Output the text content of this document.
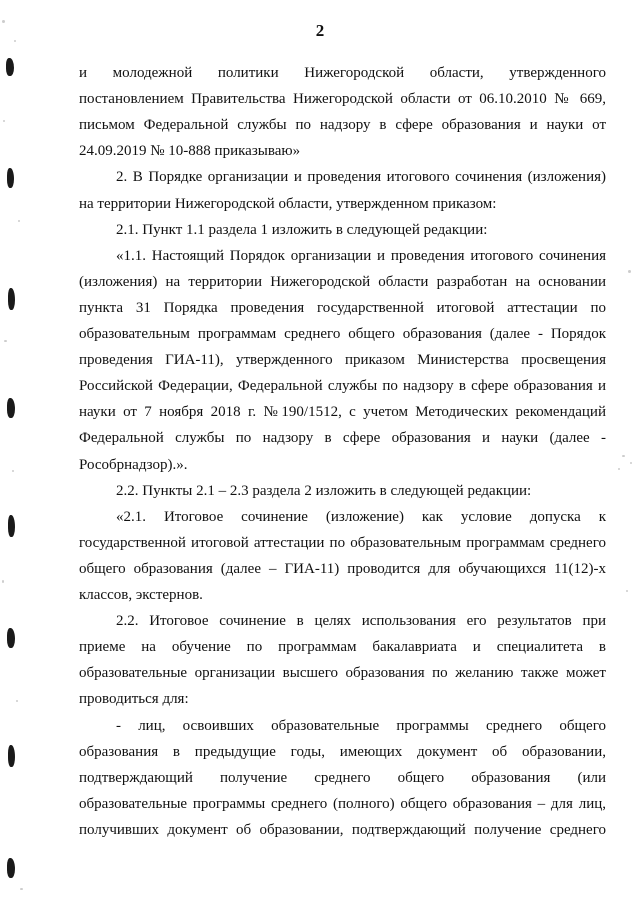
2
и молодежной политики Нижегородской области, утвержденного
постановлением Правительства Нижегородской области от 06.10.2010 № 669,
письмом Федеральной службы по надзору в сфере образования и науки от
24.09.2019 № 10-888 приказываю»
2. В Порядке организации и проведения итогового сочинения (изложения)
на территории Нижегородской области, утвержденном приказом:
2.1. Пункт 1.1 раздела 1 изложить в следующей редакции:
«1.1. Настоящий Порядок организации и проведения итогового сочинения
(изложения) на территории Нижегородской области разработан на основании
пункта 31 Порядка проведения государственной итоговой аттестации по
образовательным программам среднего общего образования (далее - Порядок
проведения ГИА-11), утвержденного приказом Министерства просвещения
Российской Федерации, Федеральной службы по надзору в сфере образования и
науки от 7 ноября 2018 г. №190/1512, с учетом Методических рекомендаций
Федеральной службы по надзору в сфере образования и науки (далее -
Рособрнадзор).».
2.2. Пункты 2.1 – 2.3 раздела 2 изложить в следующей редакции:
«2.1. Итоговое сочинение (изложение) как условие допуска к
государственной итоговой аттестации по образовательным программам среднего
общего образования (далее – ГИА-11) проводится для обучающихся 11(12)-х
классов, экстернов.
2.2. Итоговое сочинение в целях использования его результатов при
приеме на обучение по программам бакалавриата и специалитета в
образовательные организации высшего образования по желанию также может
проводиться для:
- лиц, освоивших образовательные программы среднего общего
образования в предыдущие годы, имеющих документ об образовании,
подтверждающий получение среднего общего образования (или
образовательные программы среднего (полного) общего образования – для лиц,
получивших документ об образовании, подтверждающий получение среднего
